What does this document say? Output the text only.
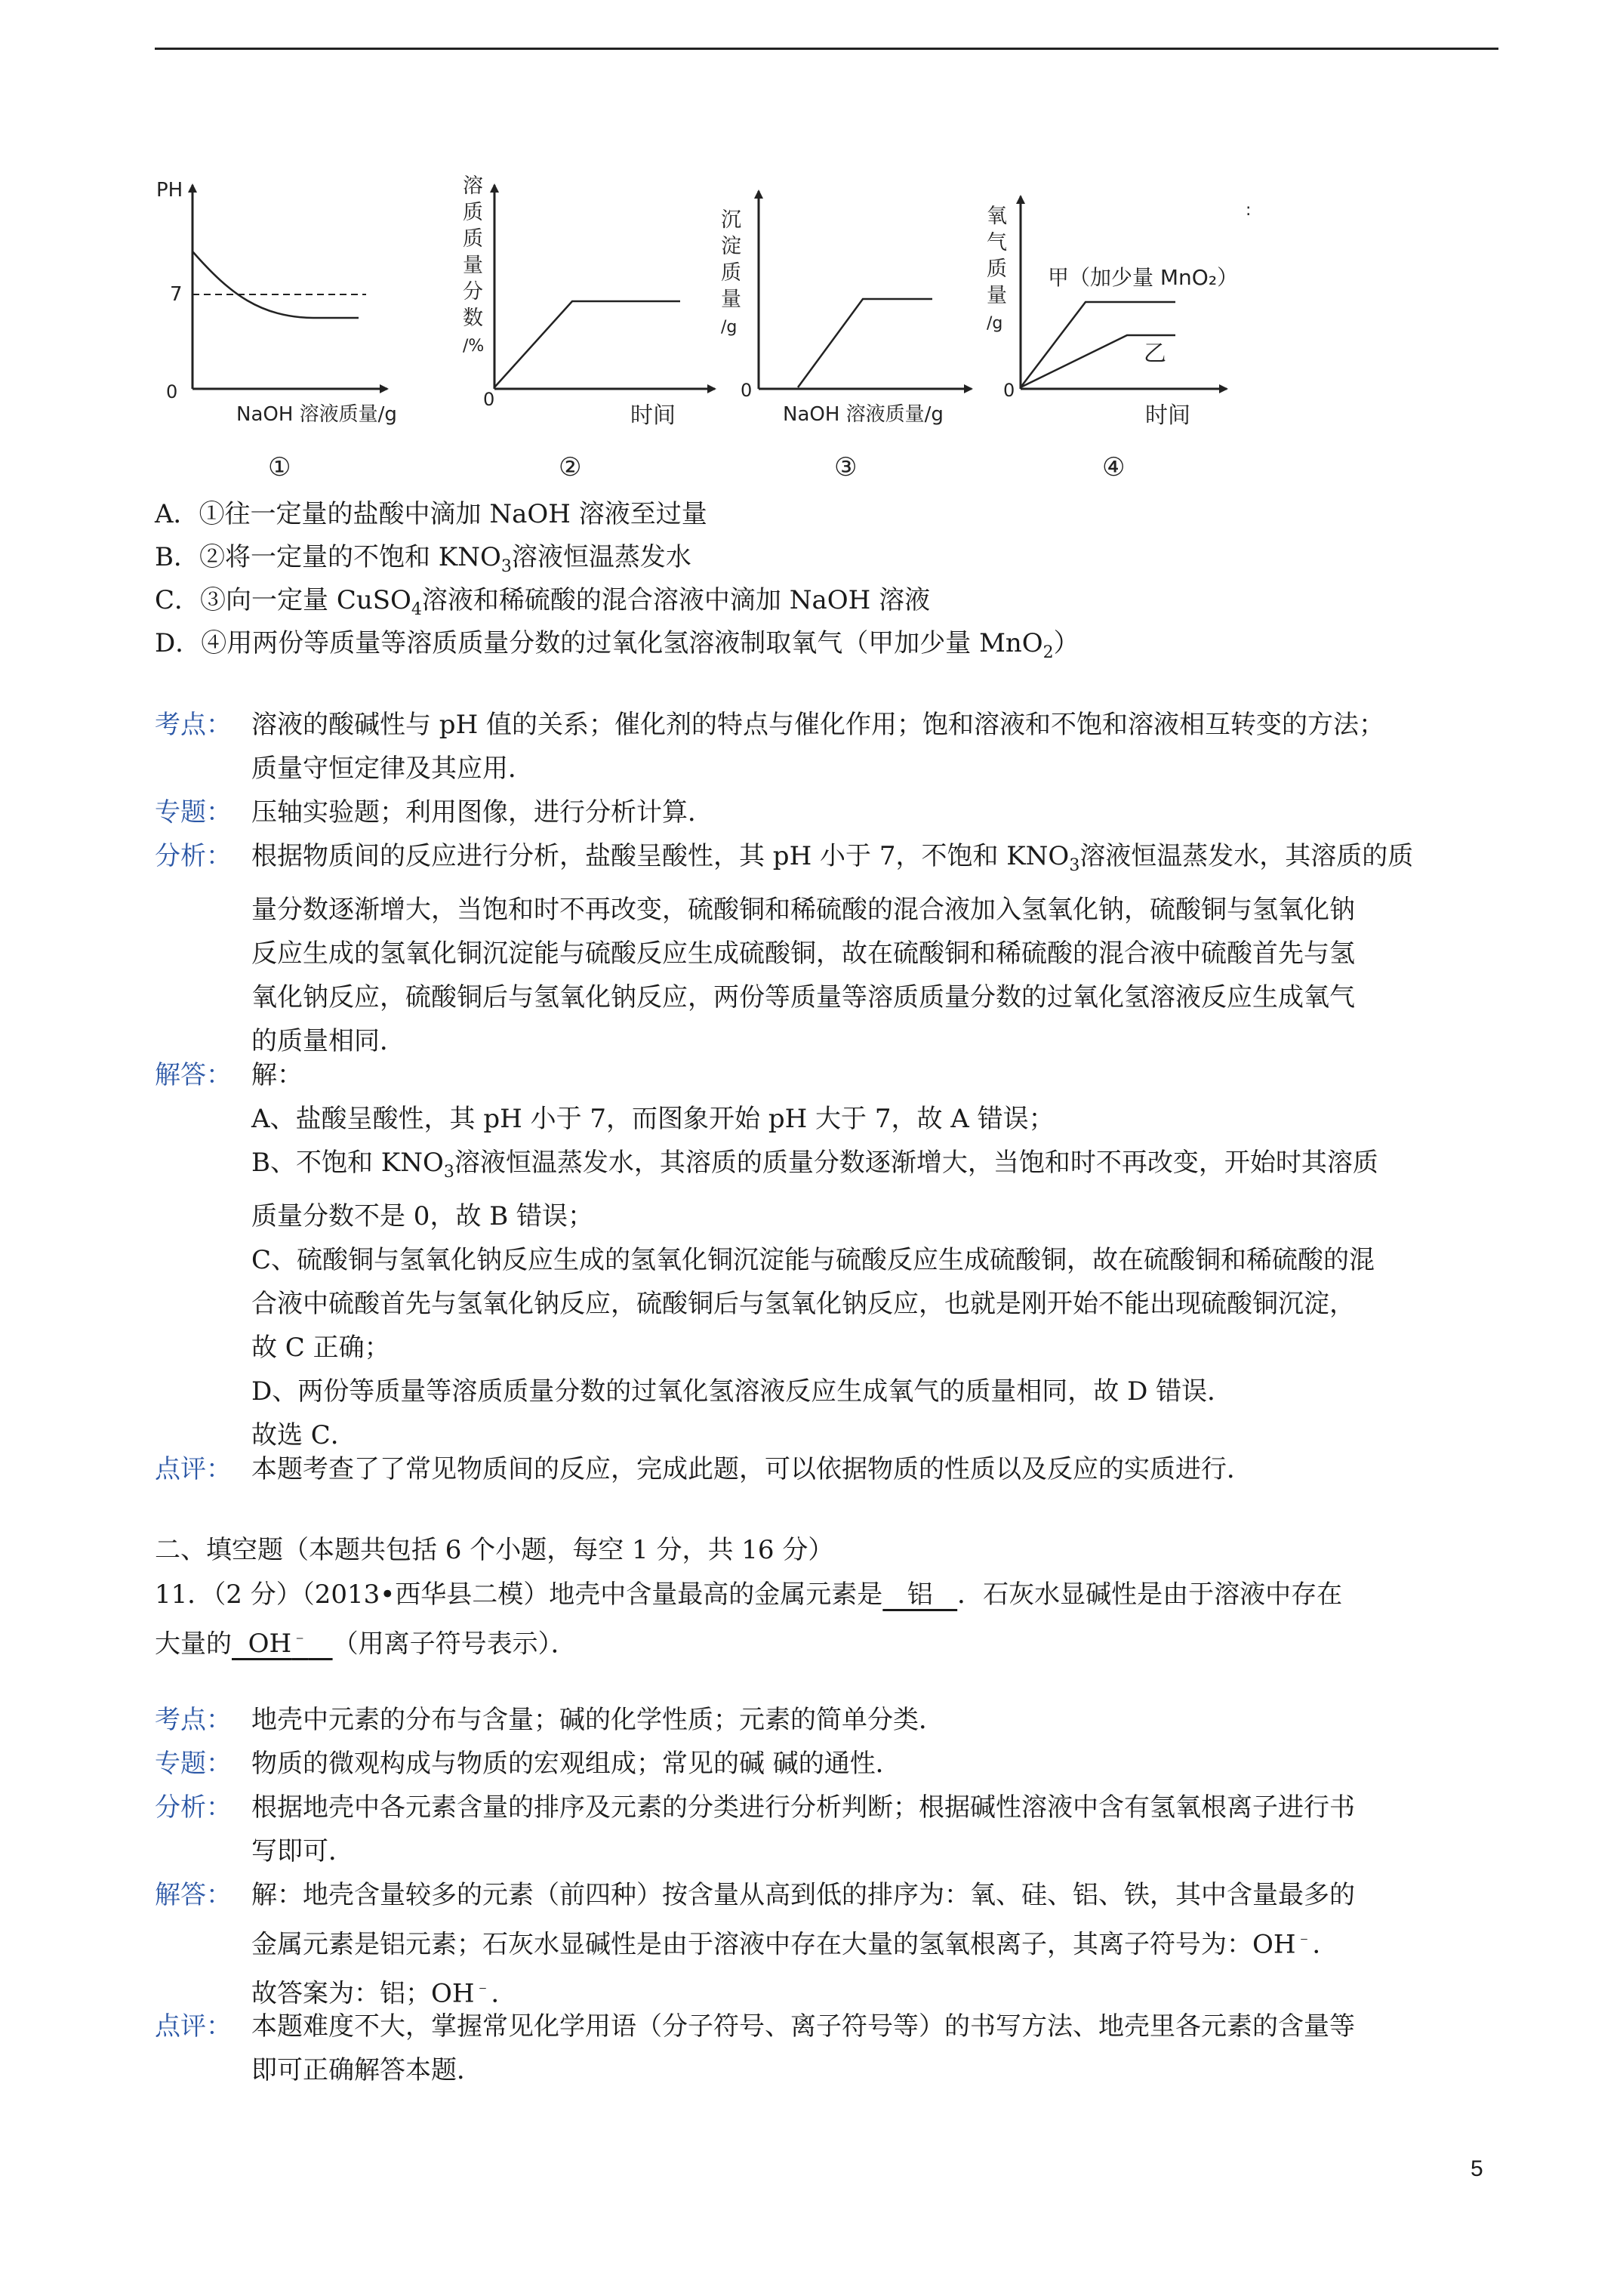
PH
7
0
NaOH 溶液质量/g
①
溶
质
质
量
分
数
/%
0
时间
②
沉
淀
质
量
/g
0
NaOH 溶液质量/g
③
氧
气
质
量
/g
甲（加少量 MnO₂）
乙
0
时间
④
:
A．①往一定量的盐酸中滴加 NaOH 溶液至过量
B．②将一定量的不饱和 $KNO_3$溶液恒温蒸发水
C．③向一定量 CuSO$_4$溶液和稀硫酸的混合溶液中滴加 NaOH 溶液
D．④用两份等质量等溶质质量分数的过氧化氢溶液制取氧气（甲加少量 MnO$_2$）
考点： 溶液的酸碱性与 pH 值的关系；催化剂的特点与催化作用；饱和溶液和不饱和溶液相互转变的方法；

质量守恒定律及其应用．

专题： 压轴实验题；利用图像，进行分析计算．

分析： 根据物质间的反应进行分析，盐酸呈酸性，其 pH 小于 7，不饱和 $KNO_3$溶液恒温蒸发水，其溶质的质

量分数逐渐增大，当饱和时不再改变，硫酸铜和稀硫酸的混合液加入氢氧化钠，硫酸铜与氢氧化钠

反应生成的氢氧化铜沉淀能与硫酸反应生成硫酸铜，故在硫酸铜和稀硫酸的混合液中硫酸首先与氢

氧化钠反应，硫酸铜后与氢氧化钠反应，两份等质量等溶质质量分数的过氧化氢溶液反应生成氧气

的质量相同．

解答： 解：

A、盐酸呈酸性，其 pH 小于 7，而图象开始 pH 大于 7，故 A 错误；

B、不饱和 $KNO_3$溶液恒温蒸发水，其溶质的质量分数逐渐增大，当饱和时不再改变，开始时其溶质

质量分数不是 0，故 B 错误；

C、硫酸铜与氢氧化钠反应生成的氢氧化铜沉淀能与硫酸反应生成硫酸铜，故在硫酸铜和稀硫酸的混

合液中硫酸首先与氢氧化钠反应，硫酸铜后与氢氧化钠反应，也就是刚开始不能出现硫酸铜沉淀，

故 C 正确；

D、两份等质量等溶质质量分数的过氧化氢溶液反应生成氧气的质量相同，故 D 错误．

故选 C．

点评： 本题考查了了常见物质间的反应，完成此题，可以依据物质的性质以及反应的实质进行．

二、填空题（本题共包括 6 个小题，每空 1 分，共 16 分）
11．（2 分）（2013•西华县二模）地壳中含量最高的金属元素是   铝   ．石灰水显碱性是由于溶液中存在
大量的  OH﹣ （用离子符号表示）．
考点： 地壳中元素的分布与含量；碱的化学性质；元素的简单分类．

专题： 物质的微观构成与物质的宏观组成；常见的碱 碱的通性．

分析： 根据地壳中各元素含量的排序及元素的分类进行分析判断；根据碱性溶液中含有氢氧根离子进行书

写即可．

解答： 解：地壳含量较多的元素（前四种）按含量从高到低的排序为：氧、硅、铝、铁，其中含量最多的

金属元素是铝元素；石灰水显碱性是由于溶液中存在大量的氢氧根离子，其离子符号为：OH﹣．

故答案为：铝；OH﹣．

点评： 本题难度不大，掌握常见化学用语（分子符号、离子符号等）的书写方法、地壳里各元素的含量等

即可正确解答本题．

5
